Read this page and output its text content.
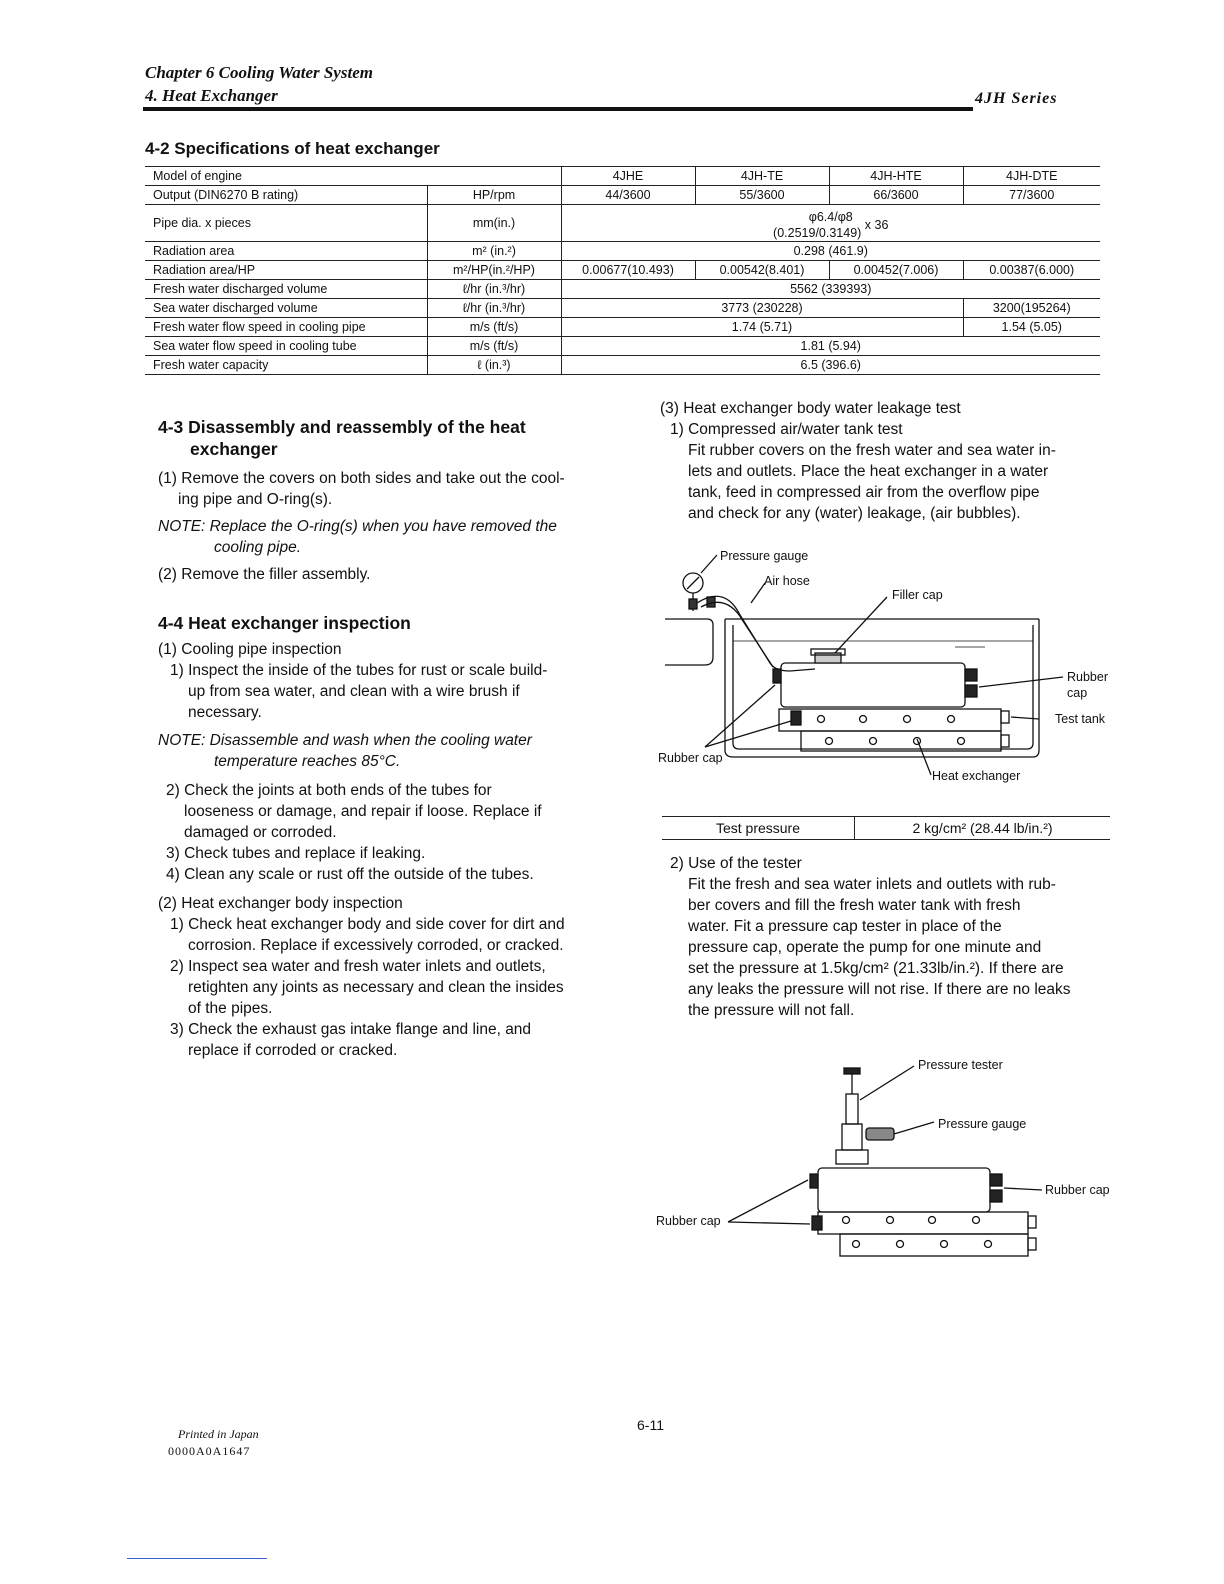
Chapter 6 Cooling Water System
4. Heat Exchanger	4JH Series
4-2 Specifications of heat exchanger
Model of engine		4JHE	4JH-TE	4JH-HTE	4JH-DTE
Output (DIN6270 B rating)	HP/rpm	44/3600	55/3600	66/3600	77/3600
Pipe dia. x pieces	mm(in.)	φ6.4/φ8
(0.2519/0.3149) x 36			

Radiation area	m² (in.²)	0.298 (461.9)			
Radiation area/HP	m²/HP(in.²/HP)	0.00677(10.493)	0.00542(8.401)	0.00452(7.006)	0.00387(6.000)
Fresh water discharged volume	ℓ/hr (in.³/hr)	5562 (339393)			
Sea water discharged volume	ℓ/hr (in.³/hr)	3773 (230228)			3200(195264)
Fresh water flow speed in cooling pipe	m/s (ft/s)	1.74 (5.71)			1.54 (5.05)
Sea water flow speed in cooling tube	m/s (ft/s)	1.81 (5.94)			
Fresh water capacity	ℓ (in.³)	6.5 (396.6)			
4-3 Disassembly and reassembly of the heat
exchanger
(1) Remove the covers on both sides and take out the cool-
ing pipe and O-ring(s).
NOTE: Replace the O-ring(s) when you have removed the
cooling pipe.
(2) Remove the filler assembly.
4-4 Heat exchanger inspection
(1) Cooling pipe inspection
1) Inspect the inside of the tubes for rust or scale build-
up from sea water, and clean with a wire brush if
necessary.
NOTE: Disassemble and wash when the cooling water
temperature reaches 85°C.
2) Check the joints at both ends of the tubes for
looseness or damage, and repair if loose. Replace if
damaged or corroded.
3) Check tubes and replace if leaking.
4) Clean any scale or rust off the outside of the tubes.
(2) Heat exchanger body inspection
1) Check heat exchanger body and side cover for dirt and
corrosion. Replace if excessively corroded, or cracked.
2) Inspect sea water and fresh water inlets and outlets,
retighten any joints as necessary and clean the insides
of the pipes.
3) Check the exhaust gas intake flange and line, and
replace if corroded or cracked.
(3) Heat exchanger body water leakage test
1) Compressed air/water tank test
Fit rubber covers on the fresh water and sea water in-
lets and outlets. Place the heat exchanger in a water
tank, feed in compressed air from the overflow pipe
and check for any (water) leakage, (air bubbles).
Pressure gauge
Air hose
Filler cap
Rubber
cap
Test tank
Rubber cap
Heat exchanger
Test pressure	2 kg/cm² (28.44 lb/in.²)
2) Use of the tester
Fit the fresh and sea water inlets and outlets with rub-
ber covers and fill the fresh water tank with fresh
water. Fit a pressure cap tester in place of the
pressure cap, operate the pump for one minute and
set the pressure at 1.5kg/cm² (21.33lb/in.²). If there are
any leaks the pressure will not rise. If there are no leaks
the pressure will not fall.
Pressure tester
Pressure gauge
Rubber cap
Rubber cap
6-11
Printed in Japan
0000A0A1647
